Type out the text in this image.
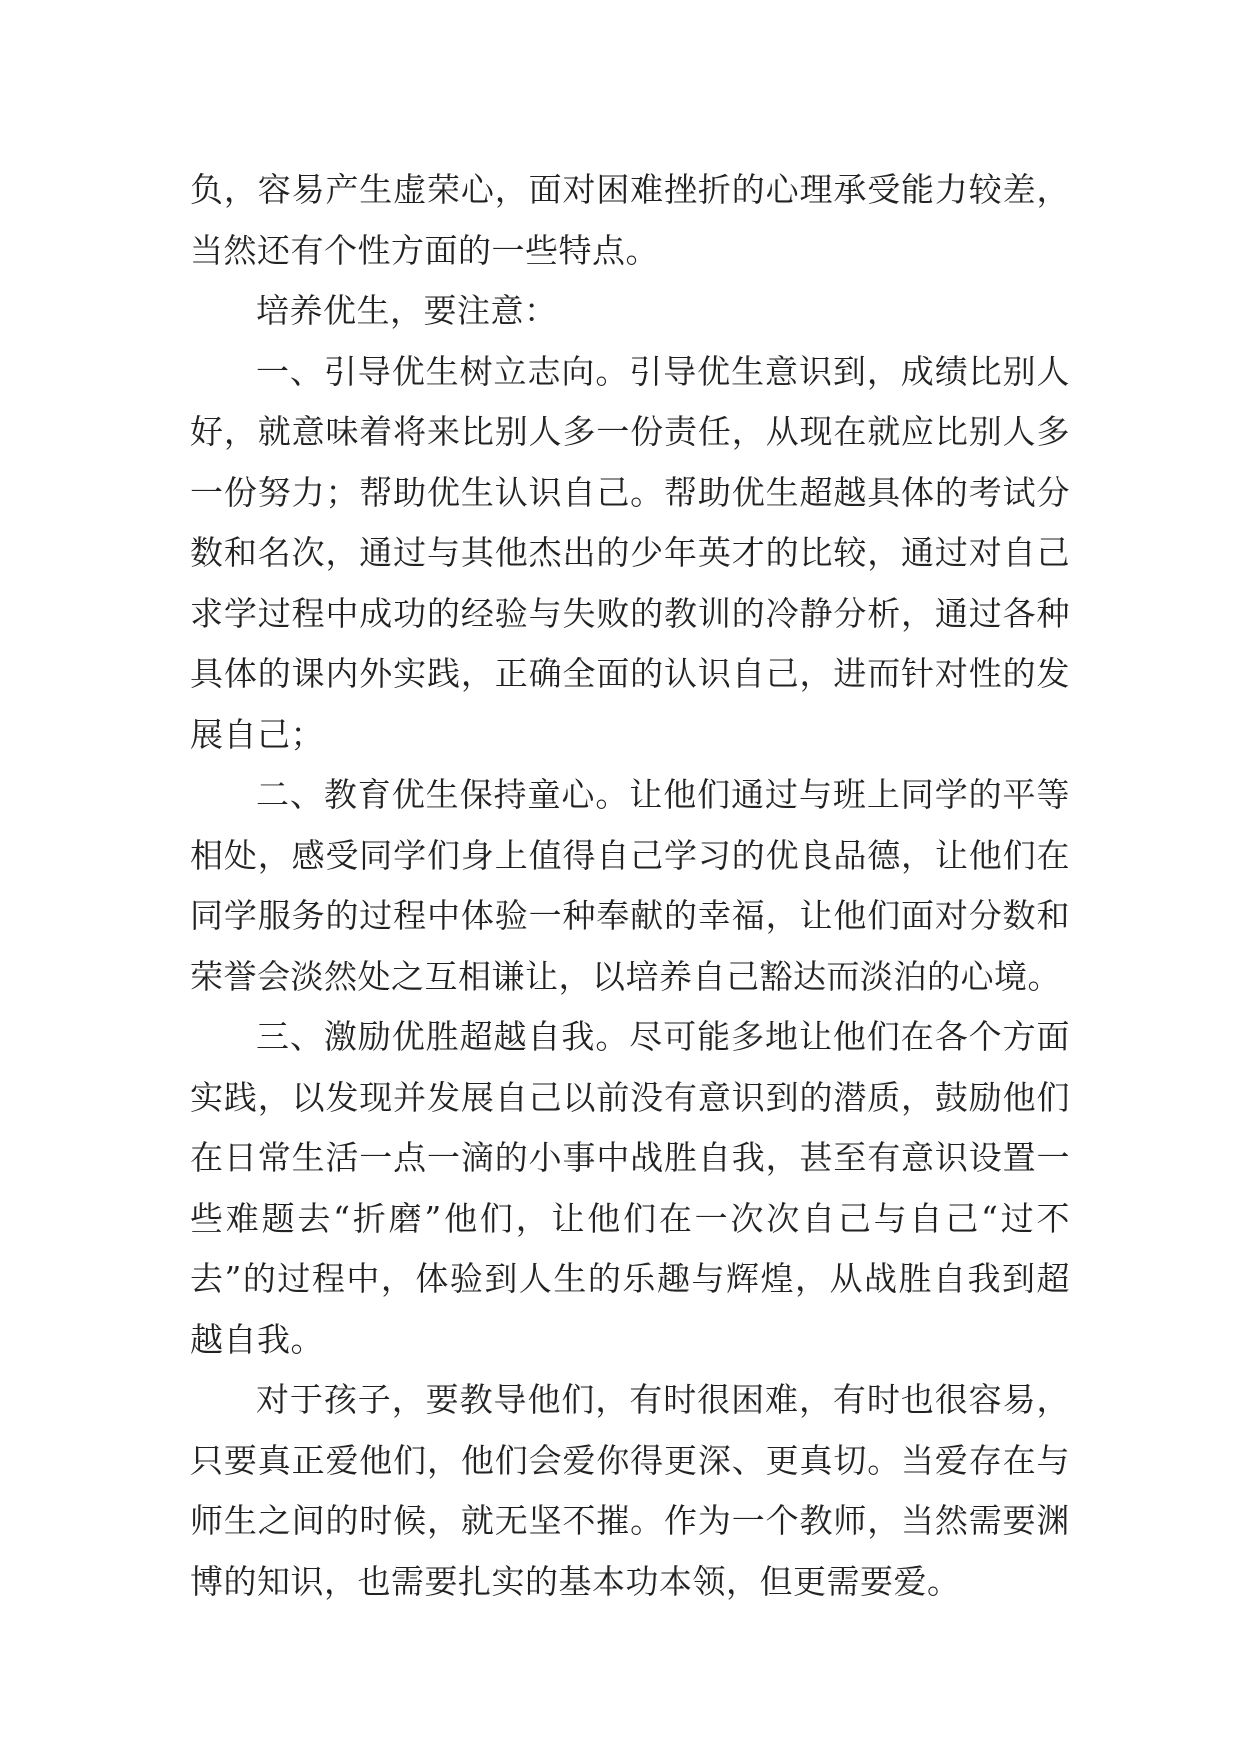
负，容易产生虚荣心，面对困难挫折的心理承受能力较差，当然还有个性方面的一些特点。

培养优生，要注意：

一、引导优生树立志向。引导优生意识到，成绩比别人好，就意味着将来比别人多一份责任，从现在就应比别人多一份努力；帮助优生认识自己。帮助优生超越具体的考试分数和名次，通过与其他杰出的少年英才的比较，通过对自己求学过程中成功的经验与失败的教训的冷静分析，通过各种具体的课内外实践，正确全面的认识自己，进而针对性的发展自己；

二、教育优生保持童心。让他们通过与班上同学的平等相处，感受同学们身上值得自己学习的优良品德，让他们在同学服务的过程中体验一种奉献的幸福，让他们面对分数和荣誉会淡然处之互相谦让，以培养自己豁达而淡泊的心境。

三、激励优胜超越自我。尽可能多地让他们在各个方面实践，以发现并发展自己以前没有意识到的潜质，鼓励他们在日常生活一点一滴的小事中战胜自我，甚至有意识设置一些难题去“折磨”他们，让他们在一次次自己与自己“过不去”的过程中，体验到人生的乐趣与辉煌，从战胜自我到超越自我。

对于孩子，要教导他们，有时很困难，有时也很容易，只要真正爱他们，他们会爱你得更深、更真切。当爱存在与师生之间的时候，就无坚不摧。作为一个教师，当然需要渊博的知识，也需要扎实的基本功本领，但更需要爱。
